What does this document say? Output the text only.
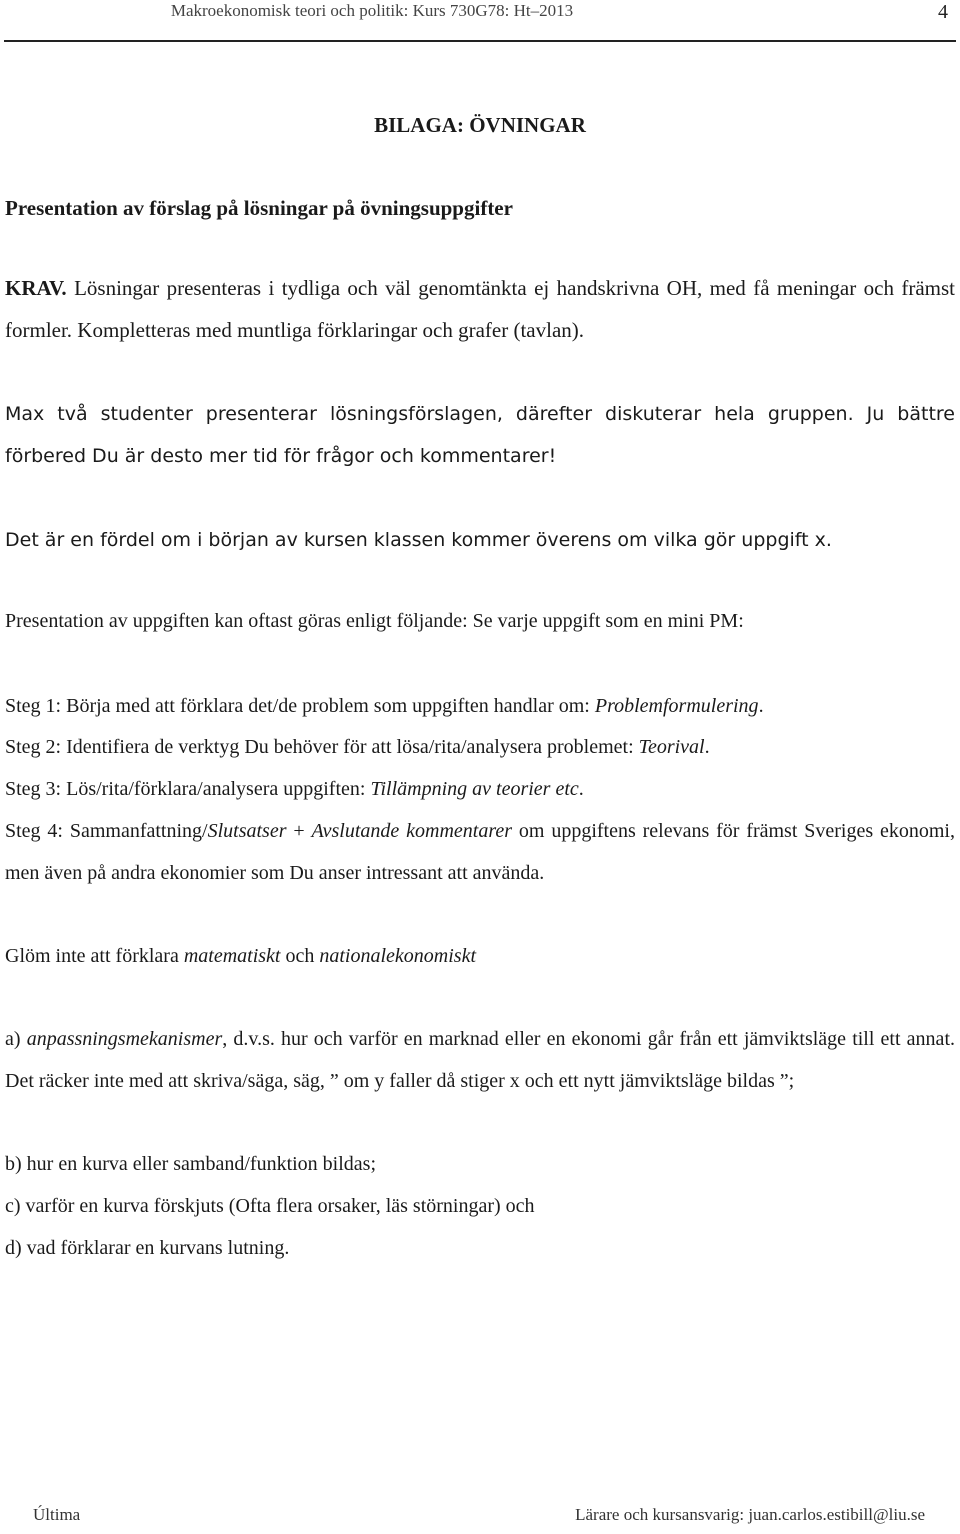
Makroekonomisk teori och politik: Kurs 730G78: Ht–2013	4
BILAGA: ÖVNINGAR
Presentation av förslag på lösningar på övningsuppgifter

KRAV. Lösningar presenteras i tydliga och väl genomtänkta ej handskrivna OH, med få meningar och främst formler. Kompletteras med muntliga förklaringar och grafer (tavlan).

Max två studenter presenterar lösningsförslagen, därefter diskuterar hela gruppen. Ju bättre förbered Du är desto mer tid för frågor och kommentarer!

Det är en fördel om i början av kursen klassen kommer överens om vilka gör uppgift x.

Presentation av uppgiften kan oftast göras enligt följande: Se varje uppgift som en mini PM:

Steg 1: Börja med att förklara det/de problem som uppgiften handlar om: Problemformulering.

Steg 2: Identifiera de verktyg Du behöver för att lösa/rita/analysera problemet: Teorival.

Steg 3: Lös/rita/förklara/analysera uppgiften: Tillämpning av teorier etc.

Steg 4: Sammanfattning/Slutsatser + Avslutande kommentarer om uppgiftens relevans för främst Sveriges ekonomi, men även på andra ekonomier som Du anser intressant att använda.

Glöm inte att förklara matematiskt och nationalekonomiskt

a) anpassningsmekanismer, d.v.s. hur och varför en marknad eller en ekonomi går från ett jämviktsläge till ett annat. Det räcker inte med att skriva/säga, säg, ” om y faller då stiger x och ett nytt jämviktsläge bildas ”;

b) hur en kurva eller samband/funktion bildas;

c) varför en kurva förskjuts (Ofta flera orsaker, läs störningar) och

d) vad förklarar en kurvans lutning.

Última	Lärare och kursansvarig: juan.carlos.estibill@liu.se
